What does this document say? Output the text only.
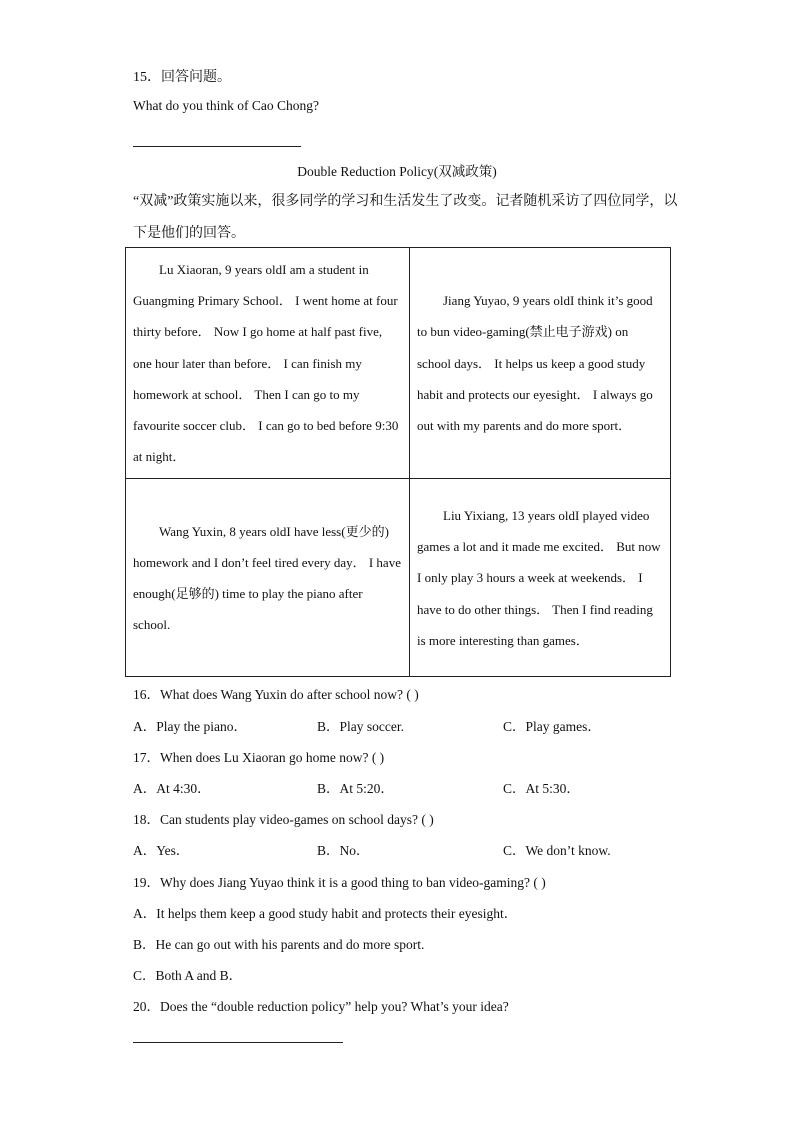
15．回答问题。
What do you think of Cao Chong?
Double Reduction Policy(双减政策)
“双减”政策实施以来，很多同学的学习和生活发生了改变。记者随机采访了四位同学，以下是他们的回答。
Lu Xiaoran, 9 years oldI am a student in Guangming Primary School． I went home at four thirty before． Now I go home at half past five, one hour later than before． I can finish my homework at school． Then I can go to my favourite soccer club． I can go to bed before 9:30 at night．	Jiang Yuyao, 9 years oldI think it’s good to bun video-gaming(禁止电子游戏) on school days． It helps us keep a good study habit and protects our eyesight． I always go out with my parents and do more sport．

Wang Yuxin, 8 years oldI have less(更少的) homework and I don’t feel tired every day． I have enough(足够的) time to play the piano after school.	Liu Yixiang, 13 years oldI played video games a lot and it made me excited． But now I only play 3 hours a week at weekends． I have to do other things． Then I find reading is more interesting than games．
16．What does Wang Yuxin do after school now? ( )
A．Play the piano．	B．Play soccer.	C．Play games．
17．When does Lu Xiaoran go home now? ( )
A．At 4:30．	B．At 5:20．	C．At 5:30．
18．Can students play video-games on school days? ( )
A．Yes．	B．No．	C．We don’t know.
19．Why does Jiang Yuyao think it is a good thing to ban video-gaming? ( )
A．It helps them keep a good study habit and protects their eyesight．
B．He can go out with his parents and do more sport.
C．Both A and B．
20．Does the “double reduction policy” help you? What’s your idea?
